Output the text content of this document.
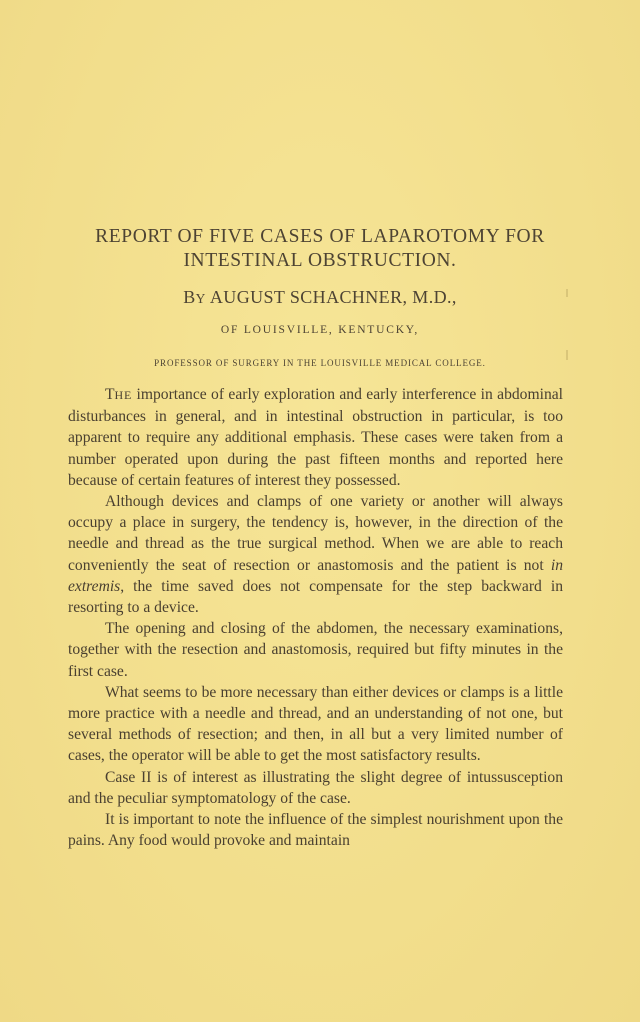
REPORT OF FIVE CASES OF LAPAROTOMY FOR
INTESTINAL OBSTRUCTION.
BY AUGUST SCHACHNER, M.D.,
OF LOUISVILLE, KENTUCKY,
PROFESSOR OF SURGERY IN THE LOUISVILLE MEDICAL COLLEGE.

THE importance of early exploration and early interference in abdominal disturbances in general, and in intestinal obstruction in particular, is too apparent to require any additional emphasis. These cases were taken from a number operated upon during the past fifteen months and reported here because of certain features of interest they possessed.

Although devices and clamps of one variety or another will always occupy a place in surgery, the tendency is, however, in the direction of the needle and thread as the true surgical method. When we are able to reach conveniently the seat of resection or anastomosis and the patient is not in extremis, the time saved does not compensate for the step backward in resorting to a device.

The opening and closing of the abdomen, the necessary examinations, together with the resection and anastomosis, required but fifty minutes in the first case.

What seems to be more necessary than either devices or clamps is a little more practice with a needle and thread, and an understanding of not one, but several methods of resection; and then, in all but a very limited number of cases, the operator will be able to get the most satisfactory results.

Case II is of interest as illustrating the slight degree of intussusception and the peculiar symptomatology of the case.

It is important to note the influence of the simplest nourishment upon the pains. Any food would provoke and maintain
